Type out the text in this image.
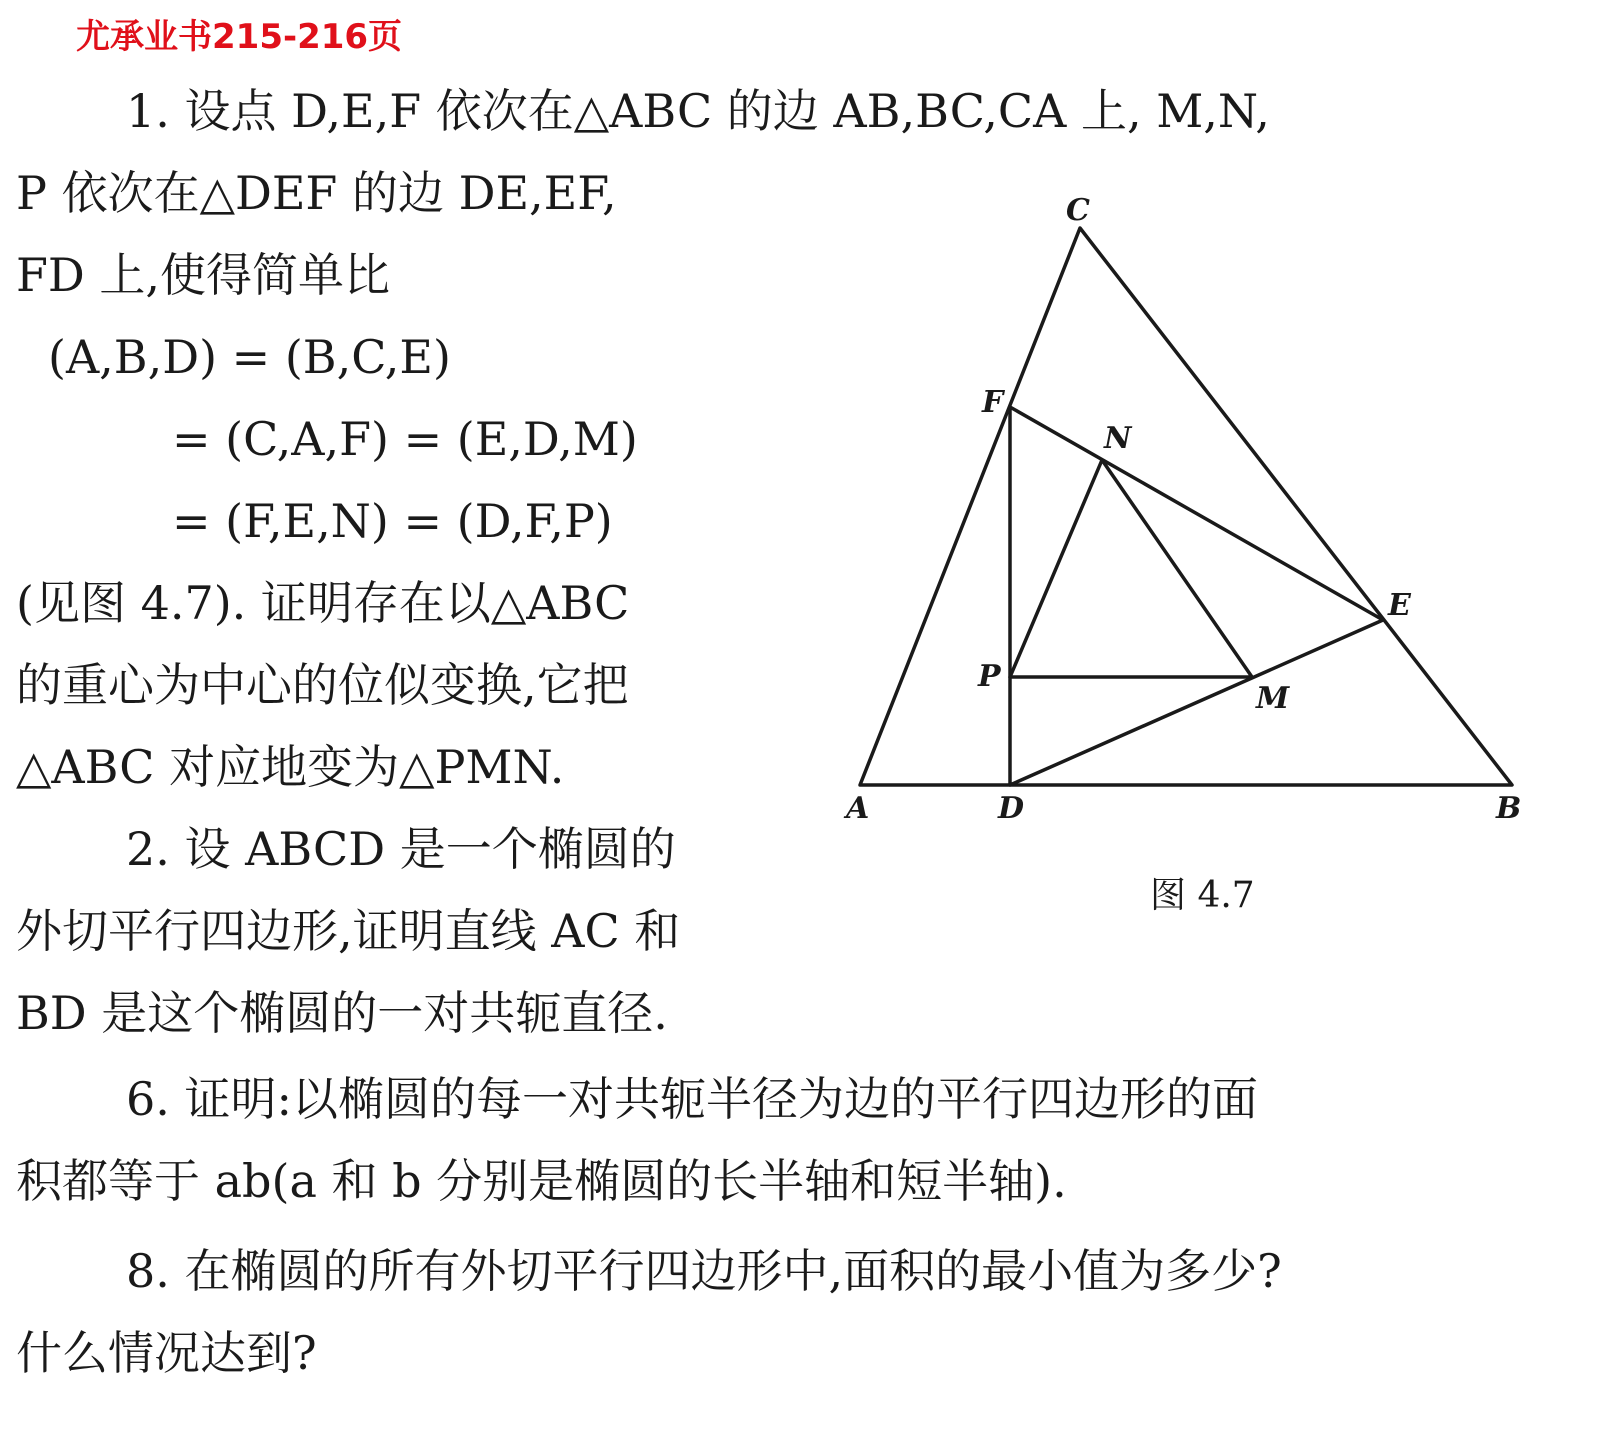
尤承业书215-216页
1. 设点 D,E,F 依次在△ABC 的边 AB,BC,CA 上, M,N,
P 依次在△DEF 的边 DE,EF,
FD 上,使得简单比
(A,B,D) = (B,C,E)
= (C,A,F) = (E,D,M)
= (F,E,N) = (D,F,P)
(见图 4.7). 证明存在以△ABC
的重心为中心的位似变换,它把
△ABC 对应地变为△PMN.
2. 设 ABCD 是一个椭圆的
外切平行四边形,证明直线 AC 和
BD 是这个椭圆的一对共轭直径.
6. 证明:以椭圆的每一对共轭半径为边的平行四边形的面
积都等于 ab(a 和 b 分别是椭圆的长半轴和短半轴).
8. 在椭圆的所有外切平行四边形中,面积的最小值为多少?
什么情况达到?
C
F
N
E
P
M
A	D	B
图 4.7
